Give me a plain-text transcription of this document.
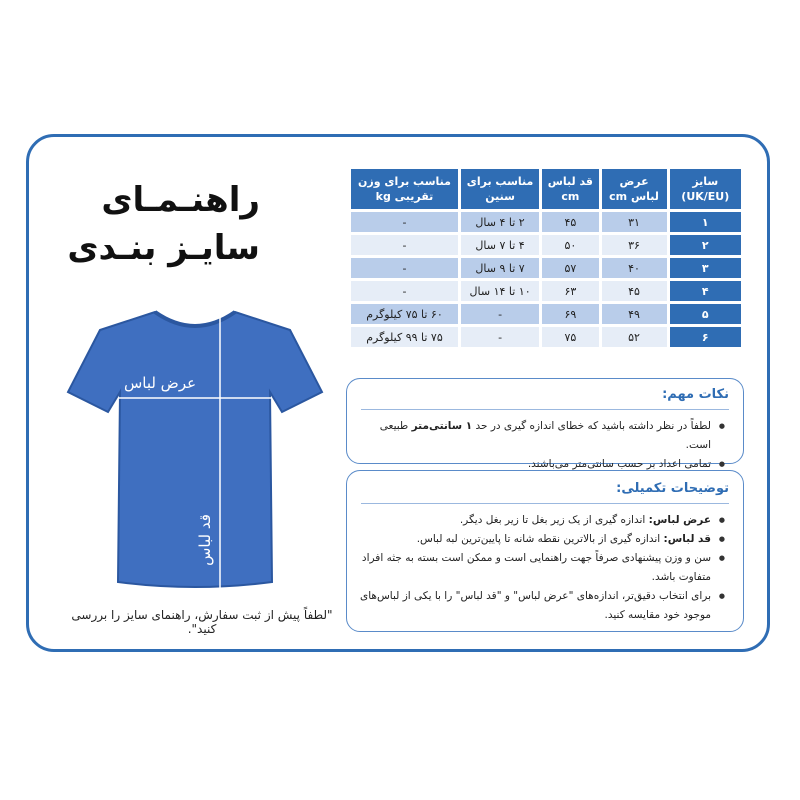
راهنـمـای
سایـز بنـدی
عرض لباس
قد لباس
"لطفاً پیش از ثبت سفارش، راهنمای سایز را بررسی کنید".
سایز (UK/EU)	عرض لباس cm	قد لباس cm	مناسب برای سنین	مناسب برای وزن تقریبی kg
۱	۳۱	۴۵	۲ تا ۴ سال	-
۲	۳۶	۵۰	۴ تا ۷ سال	-
۳	۴۰	۵۷	۷ تا ۹ سال	-
۴	۴۵	۶۳	۱۰ تا ۱۴ سال	-
۵	۴۹	۶۹	-	۶۰ تا ۷۵ کیلوگرم
۶	۵۲	۷۵	-	۷۵ تا ۹۹ کیلوگرم
نکات مهم:
● لطفاً در نظر داشته باشید که خطای اندازه گیری در حد ۱ سانتی‌متر طبیعی است.
● تمامی اعداد بر حسب سانتی‌متر می‌باشند.
توضیحات تکمیلی:
● عرض لباس: اندازه گیری از یک زیر بغل تا زیر بغل دیگر.
● قد لباس: اندازه گیری از بالاترین نقطه شانه تا پایین‌ترین لبه لباس.
● سن و وزن پیشنهادی صرفاً جهت راهنمایی است و ممکن است بسته به جثه افراد متفاوت باشد.
● برای انتخاب دقیق‌تر، اندازه‌های "عرض لباس" و "قد لباس" را با یکی از لباس‌های موجود خود مقایسه کنید.
